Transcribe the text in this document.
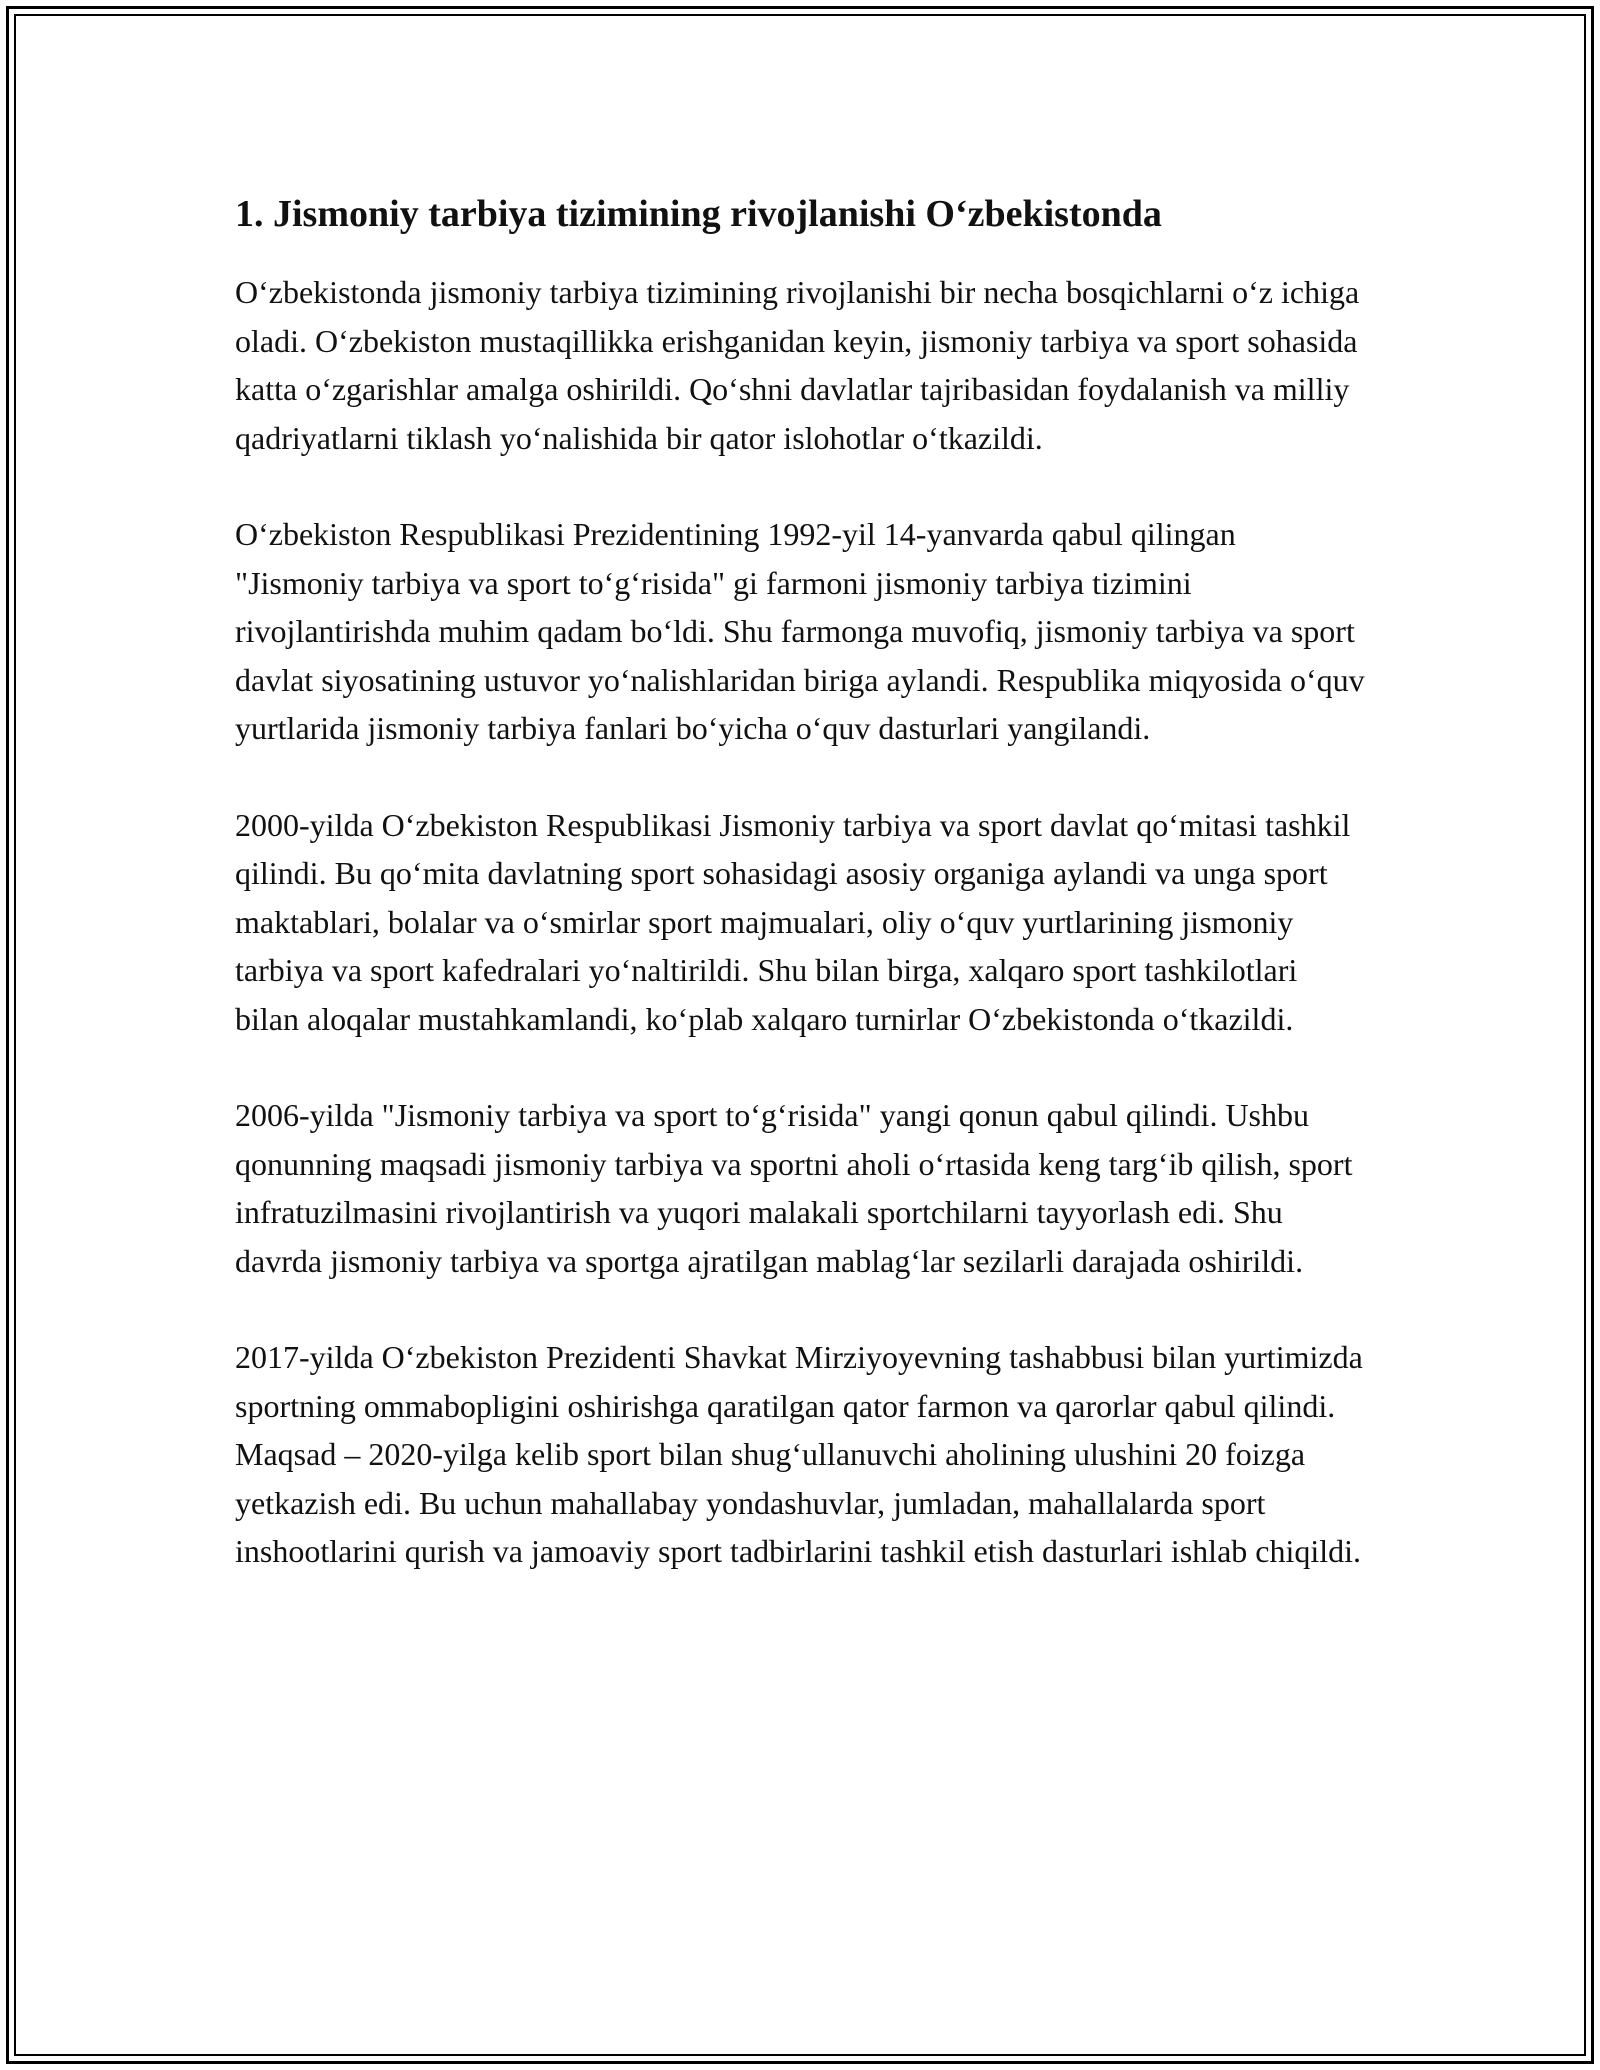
1. Jismoniy tarbiya tizimining rivojlanishi O‘zbekistonda

O‘zbekistonda jismoniy tarbiya tizimining rivojlanishi bir necha bosqichlarni o‘z ichiga oladi. O‘zbekiston mustaqillikka erishganidan keyin, jismoniy tarbiya va sport sohasida katta o‘zgarishlar amalga oshirildi. Qo‘shni davlatlar tajribasidan foydalanish va milliy qadriyatlarni tiklash yo‘nalishida bir qator islohotlar o‘tkazildi.

O‘zbekiston Respublikasi Prezidentining 1992-yil 14-yanvarda qabul qilingan "Jismoniy tarbiya va sport to‘g‘risida" gi farmoni jismoniy tarbiya tizimini rivojlantirishda muhim qadam bo‘ldi. Shu farmonga muvofiq, jismoniy tarbiya va sport davlat siyosatining ustuvor yo‘nalishlaridan biriga aylandi. Respublika miqyosida o‘quv yurtlarida jismoniy tarbiya fanlari bo‘yicha o‘quv dasturlari yangilandi.

2000-yilda O‘zbekiston Respublikasi Jismoniy tarbiya va sport davlat qo‘mitasi tashkil qilindi. Bu qo‘mita davlatning sport sohasidagi asosiy organiga aylandi va unga sport maktablari, bolalar va o‘smirlar sport majmualari, oliy o‘quv yurtlarining jismoniy tarbiya va sport kafedralari yo‘naltirildi. Shu bilan birga, xalqaro sport tashkilotlari bilan aloqalar mustahkamlandi, ko‘plab xalqaro turnirlar O‘zbekistonda o‘tkazildi.

2006-yilda "Jismoniy tarbiya va sport to‘g‘risida" yangi qonun qabul qilindi. Ushbu qonunning maqsadi jismoniy tarbiya va sportni aholi o‘rtasida keng targ‘ib qilish, sport infratuzilmasini rivojlantirish va yuqori malakali sportchilarni tayyorlash edi. Shu davrda jismoniy tarbiya va sportga ajratilgan mablag‘lar sezilarli darajada oshirildi.

2017-yilda O‘zbekiston Prezidenti Shavkat Mirziyoyevning tashabbusi bilan yurtimizda sportning ommabopligini oshirishga qaratilgan qator farmon va qarorlar qabul qilindi. Maqsad – 2020-yilga kelib sport bilan shug‘ullanuvchi aholining ulushini 20 foizga yetkazish edi. Bu uchun mahallabay yondashuvlar, jumladan, mahallalarda sport inshootlarini qurish va jamoaviy sport tadbirlarini tashkil etish dasturlari ishlab chiqildi.
